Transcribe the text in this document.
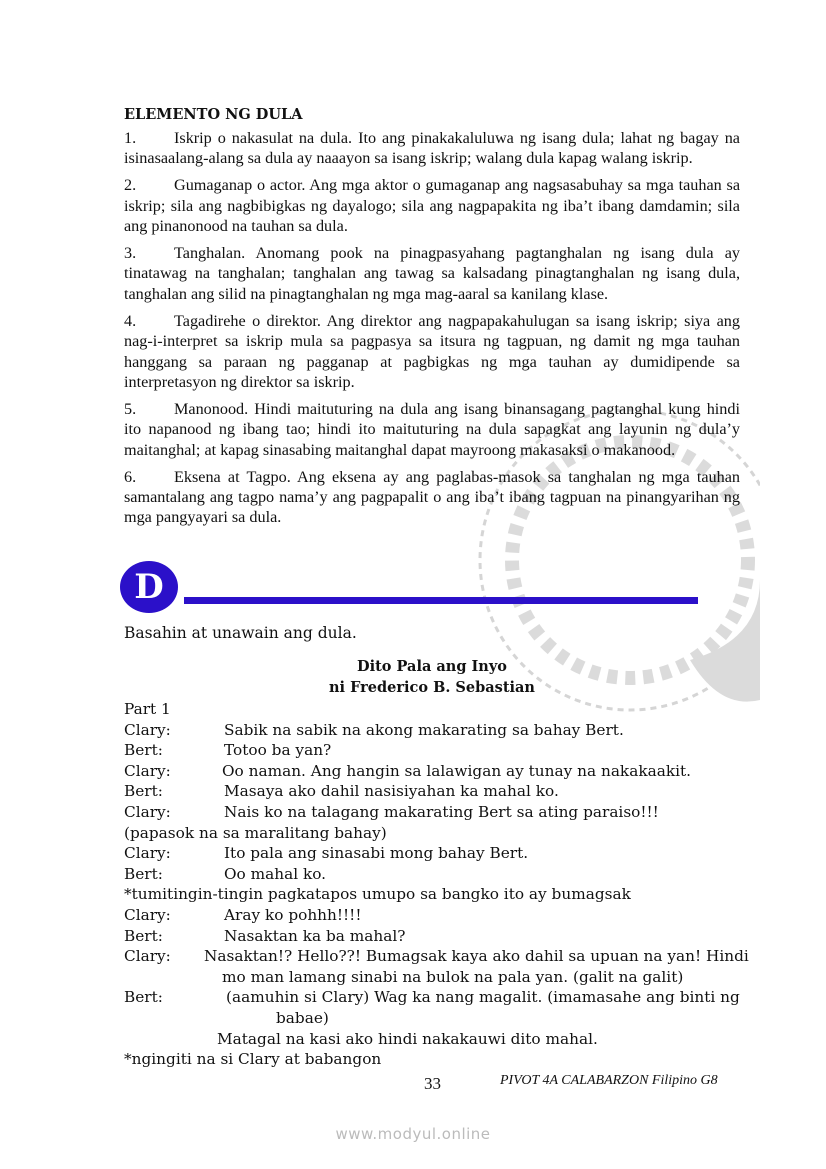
ELEMENTO NG DULA

1. Iskrip o nakasulat na dula. Ito ang pinakakaluluwa ng isang dula; lahat ng bagay na isinasaalang-alang sa dula ay naaayon sa isang iskrip; walang dula kapag walang iskrip.

2. Gumaganap o actor. Ang mga aktor o gumaganap ang nagsasabuhay sa mga tauhan sa iskrip; sila ang nagbibigkas ng dayalogo; sila ang nagpapakita ng iba’t ibang damdamin; sila ang pinanonood na tauhan sa dula.

3. Tanghalan. Anomang pook na pinagpasyahang pagtanghalan ng isang dula ay tinatawag na tanghalan; tanghalan ang tawag sa kalsadang pinagtanghalan ng isang dula, tanghalan ang silid na pinagtanghalan ng mga mag-aaral sa kanilang klase.

4. Tagadirehe o direktor. Ang direktor ang nagpapakahulugan sa isang iskrip; siya ang nag-i-interpret sa iskrip mula sa pagpasya sa itsura ng tagpuan, ng damit ng mga tauhan hanggang sa paraan ng pagganap at pagbigkas ng mga tauhan ay dumidipende sa interpretasyon ng direktor sa iskrip.

5. Manonood. Hindi maituturing na dula ang isang binansagang pagtanghal kung hindi ito napanood ng ibang tao; hindi ito maituturing na dula sapagkat ang layunin ng dula’y maitanghal; at kapag sinasabing maitanghal dapat mayroong makasaksi o makanood.

6. Eksena at Tagpo. Ang eksena ay ang paglabas-masok sa tanghalan ng mga tauhan samantalang ang tagpo nama’y ang pagpapalit o ang iba’t ibang tagpuan na pinangyarihan ng mga pangyayari sa dula.

D
Basahin at unawain ang dula.
Dito Pala ang Inyo
ni Frederico B. Sebastian
Part 1
Clary:	Sabik na sabik na akong makarating sa bahay Bert.
Bert:	Totoo ba yan?
Clary:	Oo naman. Ang hangin sa lalawigan ay tunay na nakakaakit.
Bert:	Masaya ako dahil nasisiyahan ka mahal ko.
Clary:	Nais ko na talagang makarating Bert sa ating paraiso!!!
(papasok na sa maralitang bahay)
Clary:	Ito pala ang sinasabi mong bahay Bert.
Bert:	Oo mahal ko.
*tumitingin-tingin pagkatapos umupo sa bangko ito ay bumagsak
Clary:	Aray ko pohhh!!!!
Bert:	Nasaktan ka ba mahal?
Clary: Nasaktan!? Hello??! Bumagsak kaya ako dahil sa upuan na yan! Hindi
mo man lamang sinabi na bulok na pala yan. (galit na galit)
Bert:	(aamuhin si Clary) Wag ka nang magalit. (imamasahe ang binti ng
babae)
Matagal na kasi ako hindi nakakauwi dito mahal.
*ngingiti na si Clary at babangon
33	PIVOT 4A CALABARZON Filipino G8
www.modyul.online
